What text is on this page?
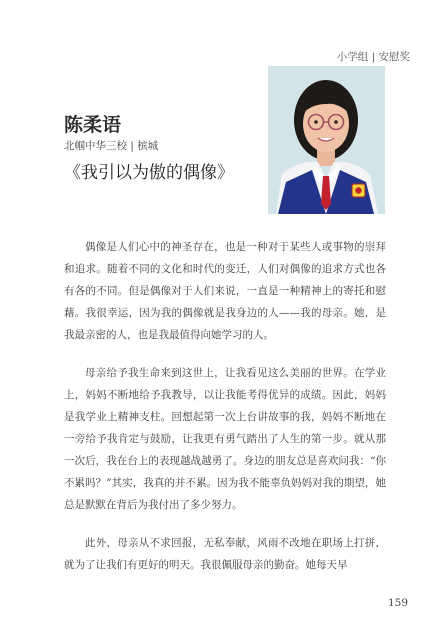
小学组 | 安慰奖
陈柔语
北帼中华三校 | 槟城
《我引以为傲的偶像》

偶像是人们心中的神圣存在，也是一种对于某些人或事物的崇拜和追求。随着不同的文化和时代的变迁，人们对偶像的追求方式也各有各的不同。但是偶像对于人们来说，一直是一种精神上的寄托和慰藉。我很幸运，因为我的偶像就是我身边的人——我的母亲。她，是我最亲密的人，也是我最值得向她学习的人。

母亲给予我生命来到这世上，让我看见这么美丽的世界。在学业上，妈妈不断地给予我教导，以让我能考得优异的成绩。因此，妈妈是我学业上精神支柱。回想起第一次上台讲故事的我，妈妈不断地在一旁给予我肯定与鼓励，让我更有勇气踏出了人生的第一步。就从那一次后，我在台上的表现越战越勇了。身边的朋友总是喜欢问我：“你不累吗？”其实，我真的并不累。因为我不能辜负妈妈对我的期望，她总是默默在背后为我付出了多少努力。

此外，母亲从不求回报，无私奉献，风雨不改地在职场上打拼，就为了让我们有更好的明天。我很佩服母亲的勤奋。她每天早

159
